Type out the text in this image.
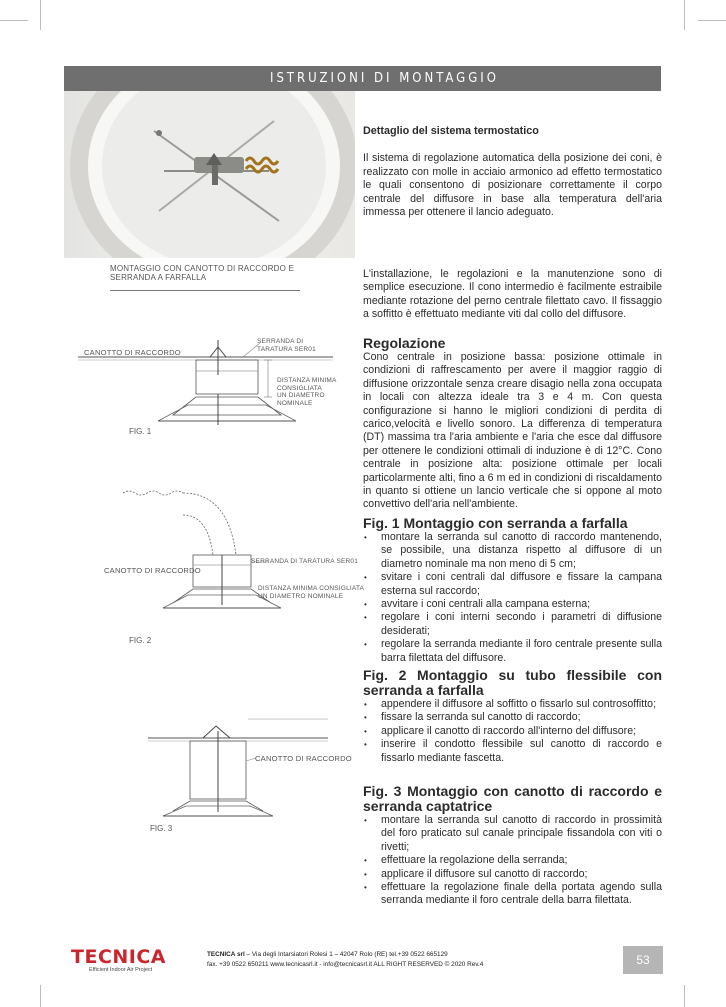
ISTRUZIONI DI MONTAGGIO

Dettaglio del sistema termostatico

Il sistema di regolazione automatica della posizione dei coni, è realizzato con molle in acciaio armonico ad effetto termostatico le quali consentono di posizionare correttamente il corpo centrale del diffusore in base alla temperatura dell'aria immessa per ottenere il lancio adeguato.

L'installazione, le regolazioni e la manutenzione sono di semplice esecuzione. Il cono intermedio è facilmente estraibile mediante rotazione del perno centrale filettato cavo. Il fissaggio a soffitto è effettuato mediante viti dal collo del diffusore.

Regolazione

Cono centrale in posizione bassa: posizione ottimale in condizioni di raffrescamento per avere il maggior raggio di diffusione orizzontale senza creare disagio nella zona occupata in locali con altezza ideale tra 3 e 4 m. Con questa configurazione si hanno le migliori condizioni di perdita di carico,velocità e livello sonoro. La differenza di temperatura (DT) massima tra l'aria ambiente e l'aria che esce dal diffusore per ottenere le condizioni ottimali di induzione è di 12°C. Cono centrale in posizione alta: posizione ottimale per locali particolarmente alti, fino a 6 m ed in condizioni di riscaldamento in quanto si ottiene un lancio verticale che si oppone al moto convettivo dell'aria nell'ambiente.

Fig. 1 Montaggio con serranda a farfalla
• montare la serranda sul canotto di raccordo mantenendo, se possibile, una distanza rispetto al diffusore di un diametro nominale ma non meno di 5 cm;
• svitare i coni centrali dal diffusore e fissare la campana esterna sul raccordo;
• avvitare i coni centrali alla campana esterna;
• regolare i coni interni secondo i parametri di diffusione desiderati;
• regolare la serranda mediante il foro centrale presente sulla barra filettata del diffusore.
Fig. 2 Montaggio su tubo flessibile con serranda a farfalla
• appendere il diffusore al soffitto o fissarlo sul controsoffitto;
• fissare la serranda sul canotto di raccordo;
• applicare il canotto di raccordo all'interno del diffusore;
• inserire il condotto flessibile sul canotto di raccordo e fissarlo mediante fascetta.
Fig. 3 Montaggio con canotto di raccordo e serranda captatrice
• montare la serranda sul canotto di raccordo in prossimità del foro praticato sul canale principale fissandola con viti o rivetti;
• effettuare la regolazione della serranda;
• applicare il diffusore sul canotto di raccordo;
• effettuare la regolazione finale della portata agendo sulla serranda mediante il foro centrale della barra filettata.
MONTAGGIO CON CANOTTO DI RACCORDO E
SERRANDA A FARFALLA
CANOTTO DI RACCORDO
SERRANDA DI
TARATURA SER01
DISTANZA MINIMA
CONSIGLIATA
UN DIAMETRO
NOMINALE
FIG. 1
CANOTTO DI RACCORDO
SERRANDA DI TARATURA SER01
DISTANZA MINIMA CONSIGLIATA
UN DIAMETRO NOMINALE
FIG. 2
CANOTTO DI RACCORDO
FIG. 3
TECNICA
Efficient Indoor Air Project
TECNICA srl – Via degli Intarsiatori Rolesi 1 – 42047 Rolo (RE) tel.+39 0522 665129
fax. +39 0522 650211 www.tecnicasrl.it - info@tecnicasrl.it ALL RIGHT RESERVED © 2020 Rev.4	53
